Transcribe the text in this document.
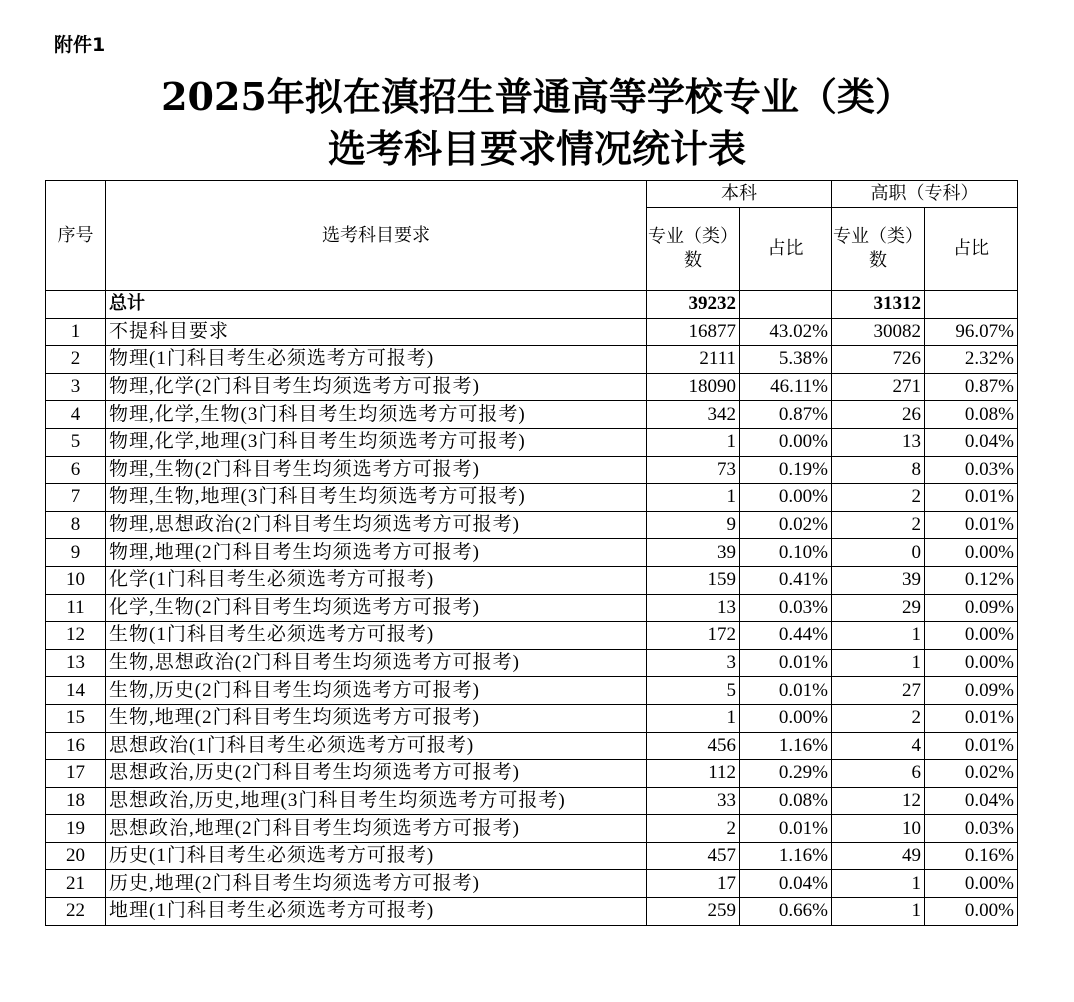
附件1
2025年拟在滇招生普通高等学校专业（类）
选考科目要求情况统计表
序号	选考科目要求	本科		高职（专科）	
		专业（类）数	占比	专业（类）数	占比
	总计	39232		31312	
1	不提科目要求	16877	43.02%	30082	96.07%
2	物理(1门科目考生必须选考方可报考)	2111	5.38%	726	2.32%
3	物理,化学(2门科目考生均须选考方可报考)	18090	46.11%	271	0.87%
4	物理,化学,生物(3门科目考生均须选考方可报考)	342	0.87%	26	0.08%
5	物理,化学,地理(3门科目考生均须选考方可报考)	1	0.00%	13	0.04%
6	物理,生物(2门科目考生均须选考方可报考)	73	0.19%	8	0.03%
7	物理,生物,地理(3门科目考生均须选考方可报考)	1	0.00%	2	0.01%
8	物理,思想政治(2门科目考生均须选考方可报考)	9	0.02%	2	0.01%
9	物理,地理(2门科目考生均须选考方可报考)	39	0.10%	0	0.00%
10	化学(1门科目考生必须选考方可报考)	159	0.41%	39	0.12%
11	化学,生物(2门科目考生均须选考方可报考)	13	0.03%	29	0.09%
12	生物(1门科目考生必须选考方可报考)	172	0.44%	1	0.00%
13	生物,思想政治(2门科目考生均须选考方可报考)	3	0.01%	1	0.00%
14	生物,历史(2门科目考生均须选考方可报考)	5	0.01%	27	0.09%
15	生物,地理(2门科目考生均须选考方可报考)	1	0.00%	2	0.01%
16	思想政治(1门科目考生必须选考方可报考)	456	1.16%	4	0.01%
17	思想政治,历史(2门科目考生均须选考方可报考)	112	0.29%	6	0.02%
18	思想政治,历史,地理(3门科目考生均须选考方可报考)	33	0.08%	12	0.04%
19	思想政治,地理(2门科目考生均须选考方可报考)	2	0.01%	10	0.03%
20	历史(1门科目考生必须选考方可报考)	457	1.16%	49	0.16%
21	历史,地理(2门科目考生均须选考方可报考)	17	0.04%	1	0.00%
22	地理(1门科目考生必须选考方可报考)	259	0.66%	1	0.00%
